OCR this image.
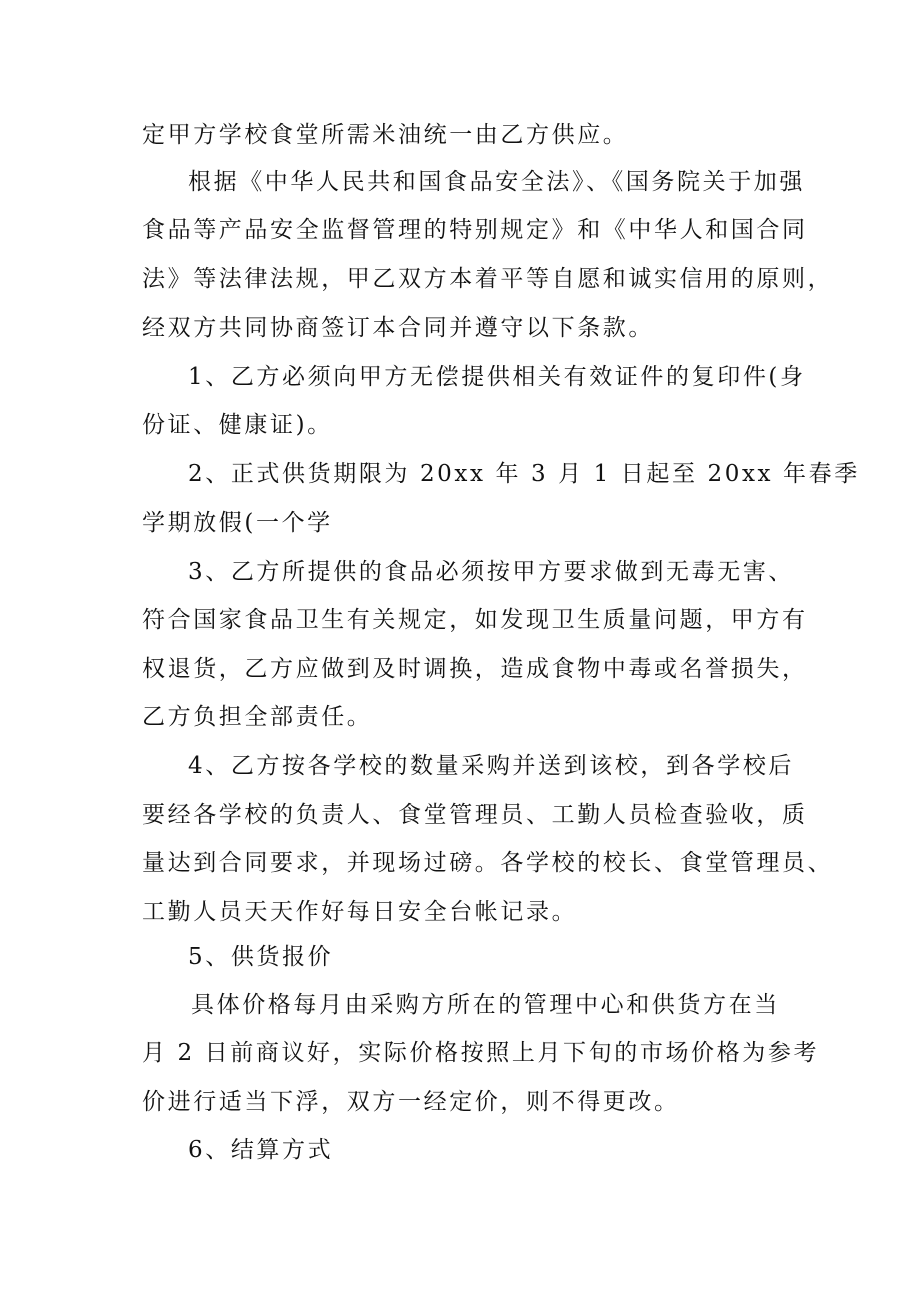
定甲方学校食堂所需米油统一由乙方供应。
根据《中华人民共和国食品安全法》、《国务院关于加强
食品等产品安全监督管理的特别规定》和《中华人和国合同
法》等法律法规，甲乙双方本着平等自愿和诚实信用的原则，
经双方共同协商签订本合同并遵守以下条款。
1、乙方必须向甲方无偿提供相关有效证件的复印件(身
份证、健康证)。
2、正式供货期限为 20xx 年 3 月 1 日起至 20xx 年春季
学期放假(一个学
3、乙方所提供的食品必须按甲方要求做到无毒无害、
符合国家食品卫生有关规定，如发现卫生质量问题，甲方有
权退货，乙方应做到及时调换，造成食物中毒或名誉损失，
乙方负担全部责任。
4、乙方按各学校的数量采购并送到该校，到各学校后
要经各学校的负责人、食堂管理员、工勤人员检查验收，质
量达到合同要求，并现场过磅。各学校的校长、食堂管理员、
工勤人员天天作好每日安全台帐记录。
5、供货报价
具体价格每月由采购方所在的管理中心和供货方在当
月 2 日前商议好，实际价格按照上月下旬的市场价格为参考
价进行适当下浮，双方一经定价，则不得更改。
6、结算方式
